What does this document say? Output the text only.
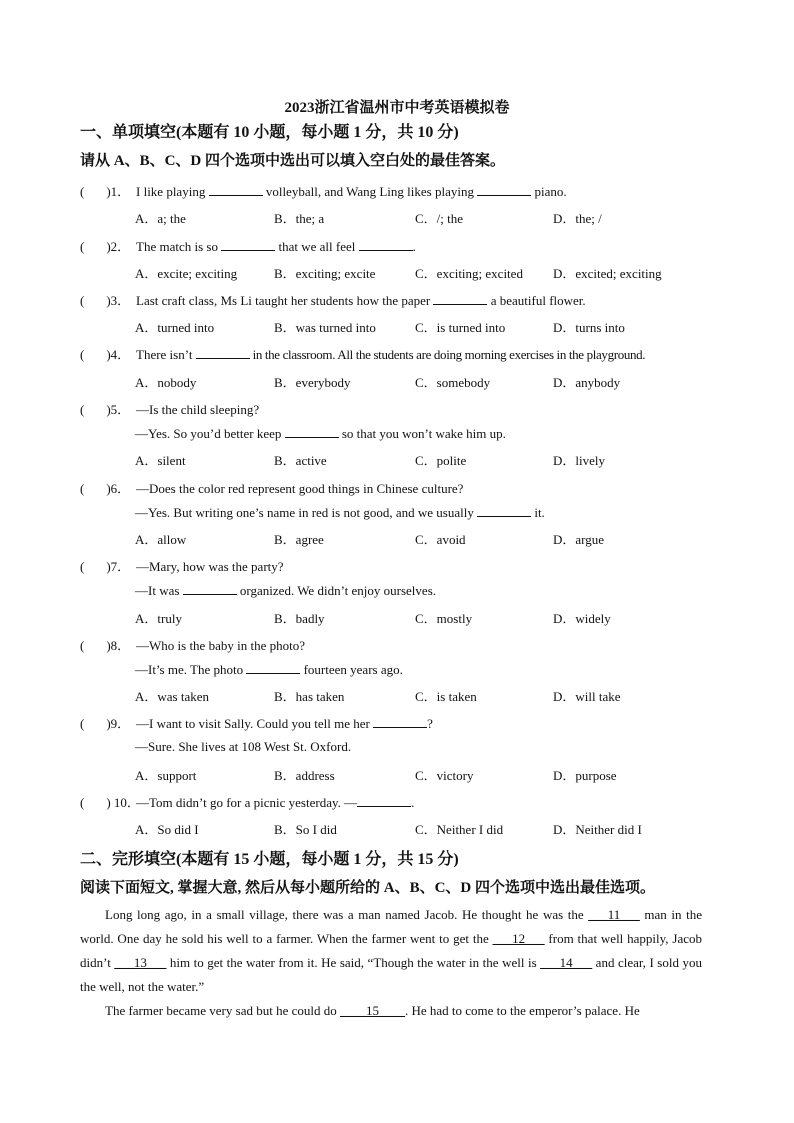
2023浙江省温州市中考英语模拟卷
一、单项填空(本题有 10 小题，每小题 1 分，共 10 分)
请从 A、B、C、D 四个选项中选出可以填入空白处的最佳答案。
( )1． I like playing	volleyball, and Wang Ling likes playing	piano.
A．a; the	B．the; a	C．/; the	D．the; /
( )2． The match is so	that we all feel	.
A．excite; exciting	B．exciting; excite	C．exciting; excited D．excited; exciting
( )3． Last craft class, Ms Li taught her students how the paper	a beautiful flower.
A．turned into	B．was turned into	C．is turned into	D．turns into
( )4． There isn’t	in the classroom. All the students are doing morning exercises in the playground.
A．nobody	B．everybody	C．somebody	D．anybody
( )5． —Is the child sleeping?
—Yes. So you’d better keep	so that you won’t wake him up.
A．silent	B．active	C．polite	D．lively
( )6． —Does the color red represent good things in Chinese culture?
—Yes. But writing one’s name in red is not good, and we usually	it.
A．allow	B．agree	C．avoid	D．argue
( )7． —Mary, how was the party?
—It was	organized. We didn’t enjoy ourselves.
A．truly	B．badly	C．mostly	D．widely
( )8． —Who is the baby in the photo?
—It’s me. The photo	fourteen years ago.
A．was taken	B．has taken	C．is taken	D．will take
( )9． —I want to visit Sally. Could you tell me her	?
—Sure. She lives at 108 West St. Oxford.
A．support	B．address	C．victory	D．purpose
( ) 10．—Tom didn’t go for a picnic yesterday. —	.
A．So did I	B．So I did	C．Neither I did	D．Neither did I
二、完形填空(本题有 15 小题，每小题 1 分，共 15 分)
阅读下面短文, 掌握大意, 然后从每小题所给的 A、B、C、D 四个选项中选出最佳选项。
Long long ago, in a small village, there was a man named Jacob. He thought he was the ___11___ man in the world. One day he sold his well to a farmer. When the farmer went to get the ___12___ from that well happily, Jacob didn’t ___13___ him to get the water from it. He said, “Though the water in the well is ___14___ and clear, I sold you the well, not the water.”
The farmer became very sad but he could do ____15____. He had to come to the emperor’s palace. He
